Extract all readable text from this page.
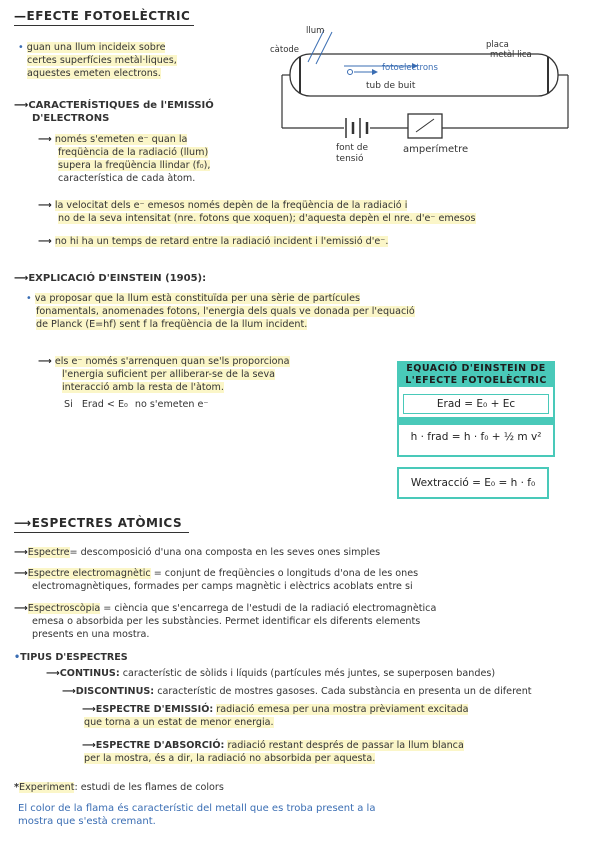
—EFECTE FOTOELÈCTRIC
• guan una llum incideix sobre
certes superfícies metàl·liques,
aquestes emeten electrons.
llum
càtode	placa
metàl·lica
fotoelectrons
tub de buit
font de
tensió
amperímetre
⟶CARACTERÍSTIQUES de l'EMISSIÓ
D'ELECTRONS
⟶ només s'emeten e⁻ quan la
freqüència de la radiació (llum)
supera la freqüència llindar (f₀),
característica de cada àtom.
⟶ la velocitat dels e⁻ emesos només depèn de la freqüència de la radiació i
no de la seva intensitat (nre. fotons que xoquen); d'aquesta depèn el nre. d'e⁻ emesos
⟶ no hi ha un temps de retard entre la radiació incident i l'emissió d'e⁻.
⟶EXPLICACIÓ D'EINSTEIN (1905):
• va proposar que la llum està constituïda per una sèrie de partícules
fonamentals, anomenades fotons, l'energia dels quals ve donada per l'equació
de Planck (E=hf) sent f la freqüència de la llum incident.
⟶ els e⁻ només s'arrenquen quan se'ls proporciona
l'energia suficient per alliberar-se de la seva
interacció amb la resta de l'àtom.
Si Erad < E₀ no s'emeten e⁻
EQUACIÓ D'EINSTEIN DE
L'EFECTE FOTOELÈCTRIC
Erad = E₀ + Ec
h · frad = h · f₀ + ½ m v²
Wextracció = E₀ = h · f₀
⟶ESPECTRES ATÒMICS
⟶Espectre= descomposició d'una ona composta en les seves ones simples
⟶Espectre electromagnètic = conjunt de freqüències o longituds d'ona de les ones
electromagnètiques, formades per camps magnètic i elèctrics acoblats entre si
⟶Espectroscòpia = ciència que s'encarrega de l'estudi de la radiació electromagnètica
emesa o absorbida per les substàncies. Permet identificar els diferents elements
presents en una mostra.
•TIPUS D'ESPECTRES
⟶CONTINUS: característic de sòlids i líquids (partícules més juntes, se superposen bandes)
⟶DISCONTINUS: característic de mostres gasoses. Cada substància en presenta un de diferent
⟶ESPECTRE D'EMISSIÓ: radiació emesa per una mostra prèviament excitada
que torna a un estat de menor energia.
⟶ESPECTRE D'ABSORCIÓ: radiació restant després de passar la llum blanca
per la mostra, és a dir, la radiació no absorbida per aquesta.
*Experiment: estudi de les flames de colors
El color de la flama és característic del metall que es troba present a la
mostra que s'està cremant.
